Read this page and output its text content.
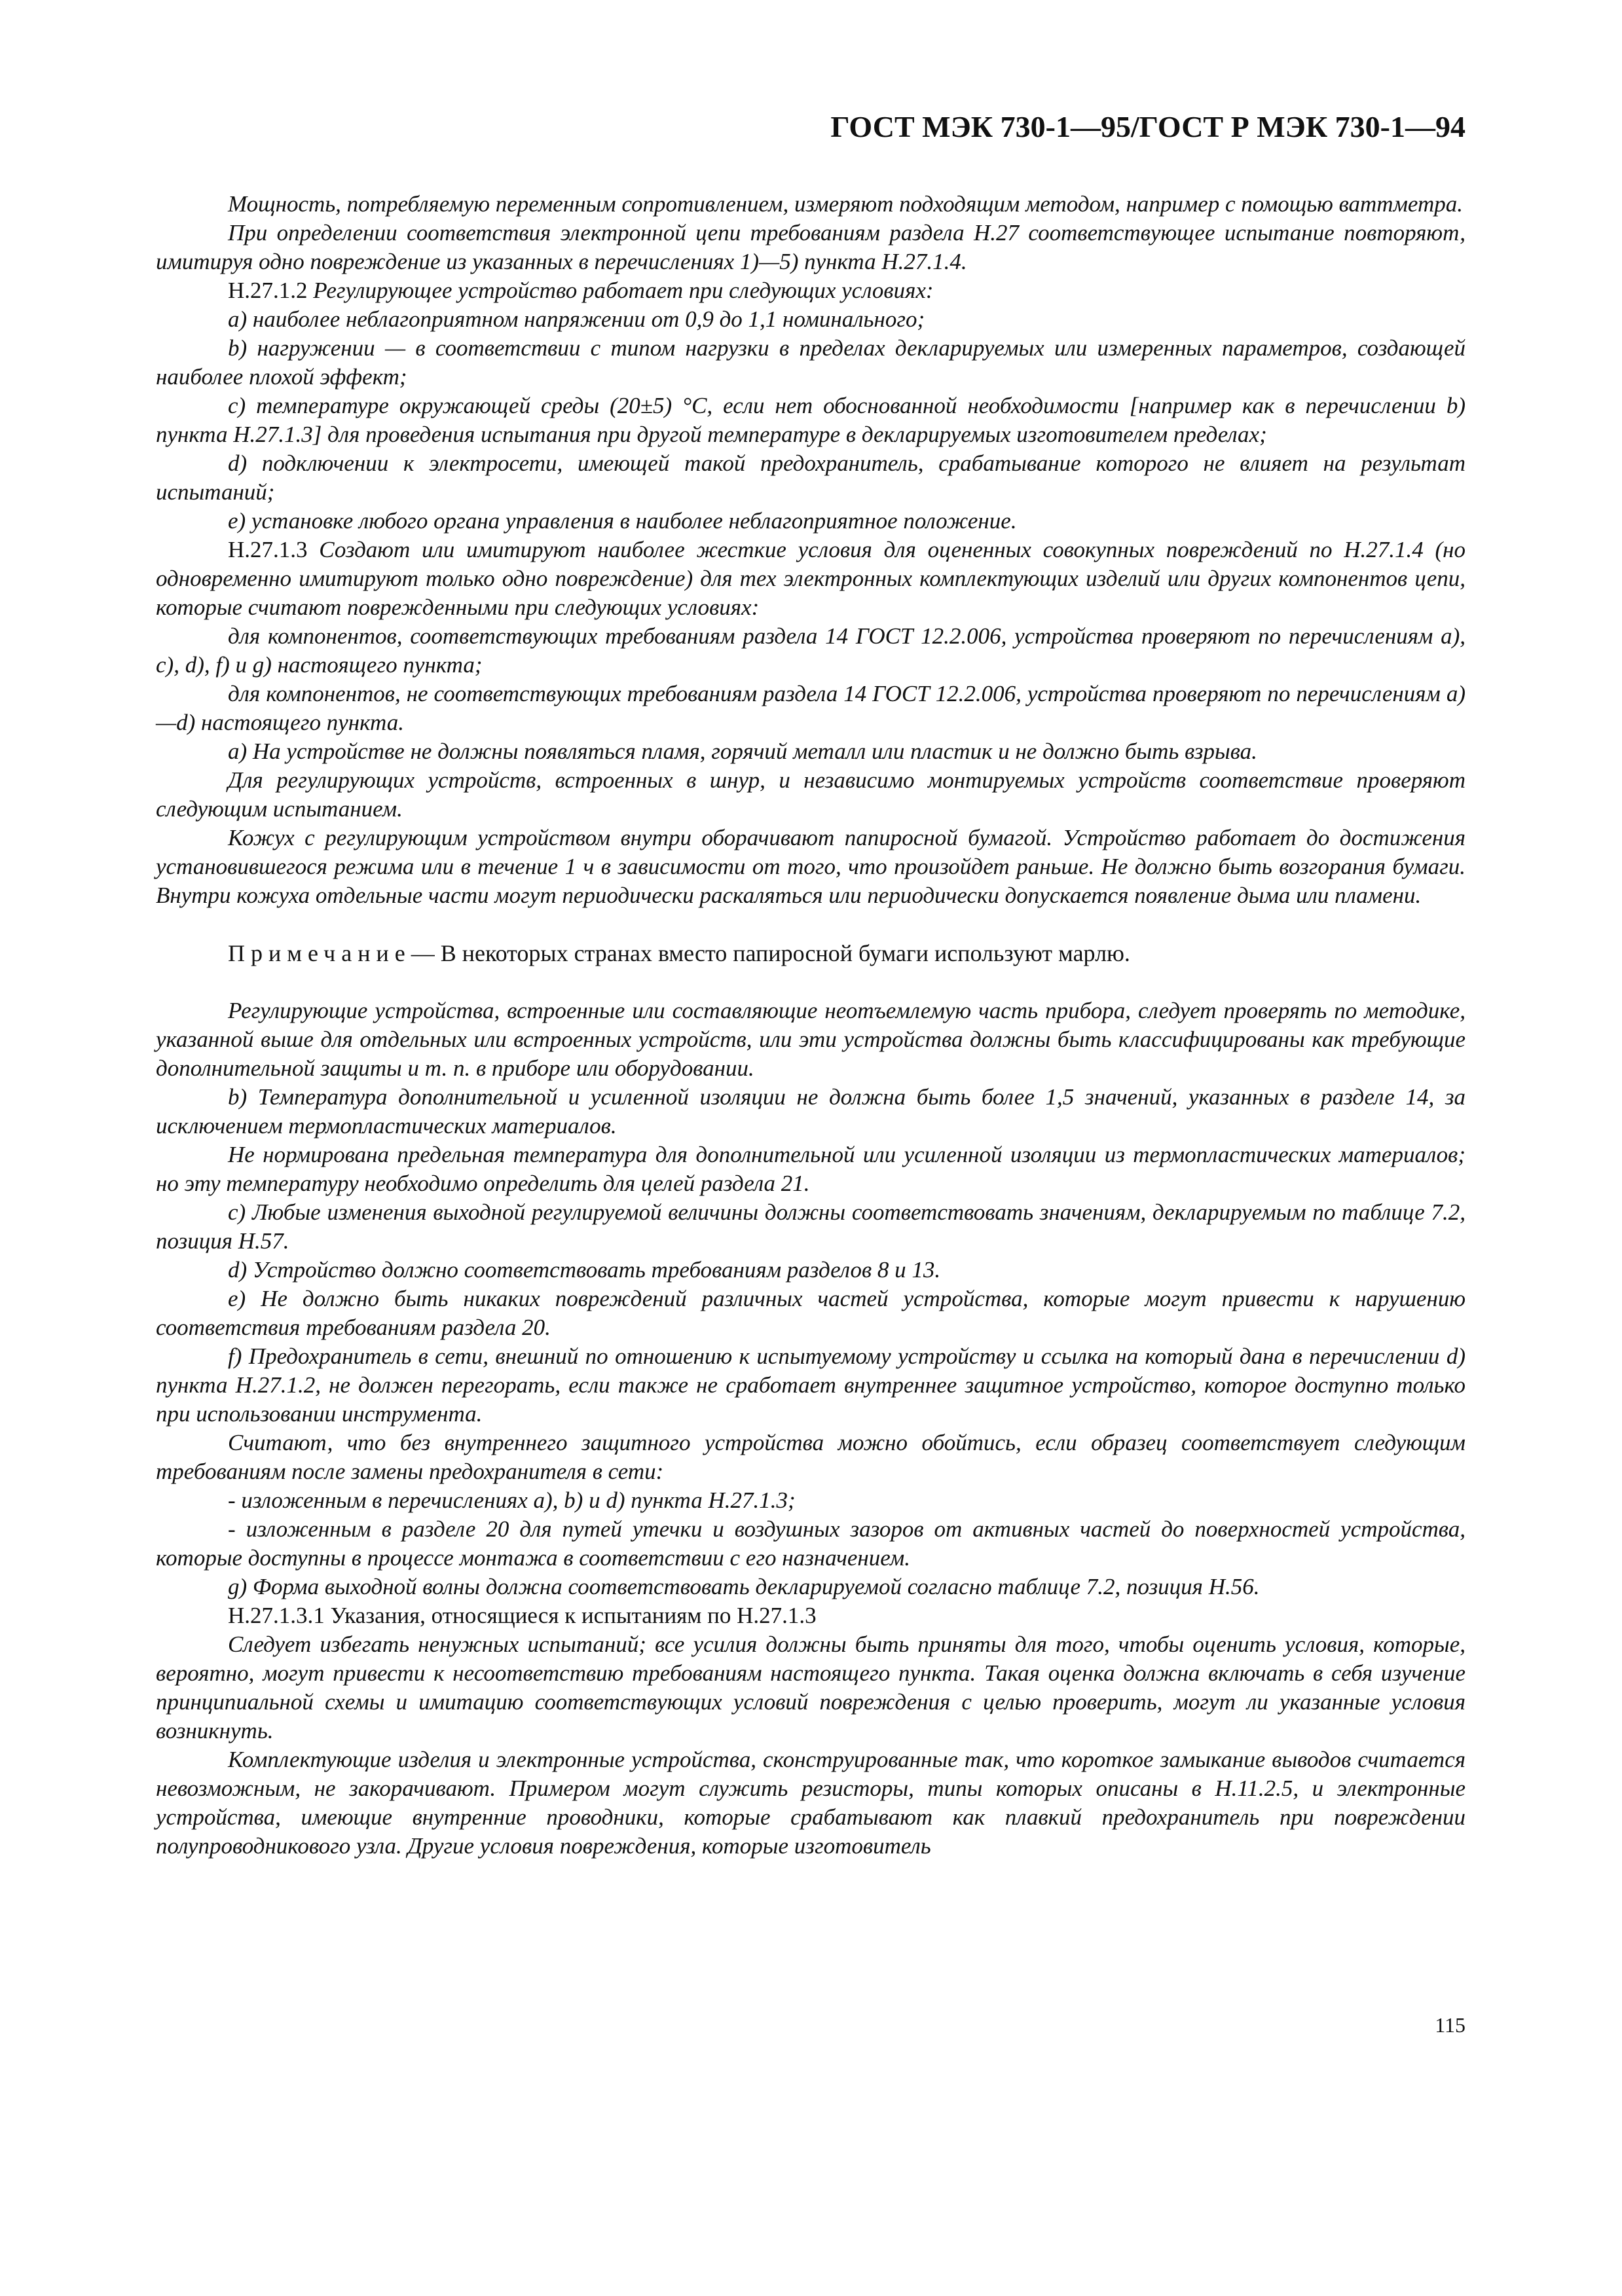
ГОСТ МЭК 730-1—95/ГОСТ Р МЭК 730-1—94

Мощность, потребляемую переменным сопротивлением, измеряют подходящим методом, например с помощью ваттметра.

При определении соответствия электронной цепи требованиям раздела Н.27 соответствующее испытание повторяют, имитируя одно повреждение из указанных в перечислениях 1)—5) пункта Н.27.1.4.

Н.27.1.2 Регулирующее устройство работает при следующих условиях:

а) наиболее неблагоприятном напряжении от 0,9 до 1,1 номинального;

b) нагружении — в соответствии с типом нагрузки в пределах декларируемых или измеренных параметров, создающей наиболее плохой эффект;

с) температуре окружающей среды (20±5) °С, если нет обоснованной необходимости [например как в перечислении b) пункта Н.27.1.3] для проведения испытания при другой температуре в декларируемых изготовителем пределах;

d) подключении к электросети, имеющей такой предохранитель, срабатывание которого не влияет на результат испытаний;

е) установке любого органа управления в наиболее неблагоприятное положение.

Н.27.1.3 Создают или имитируют наиболее жесткие условия для оцененных совокупных повреждений по Н.27.1.4 (но одновременно имитируют только одно повреждение) для тех электронных комплектующих изделий или других компонентов цепи, которые считают поврежденными при следующих условиях:

для компонентов, соответствующих требованиям раздела 14 ГОСТ 12.2.006, устройства проверяют по перечислениям а), с), d), f) и g) настоящего пункта;

для компонентов, не соответствующих требованиям раздела 14 ГОСТ 12.2.006, устройства проверяют по перечислениям а)—d) настоящего пункта.

а) На устройстве не должны появляться пламя, горячий металл или пластик и не должно быть взрыва.

Для регулирующих устройств, встроенных в шнур, и независимо монтируемых устройств соответствие проверяют следующим испытанием.

Кожух с регулирующим устройством внутри оборачивают папиросной бумагой. Устройство работает до достижения установившегося режима или в течение 1 ч в зависимости от того, что произойдет раньше. Не должно быть возгорания бумаги. Внутри кожуха отдельные части могут периодически раскаляться или периодически допускается появление дыма или пламени.

Примечание— В некоторых странах вместо папиросной бумаги используют марлю.

Регулирующие устройства, встроенные или составляющие неотъемлемую часть прибора, следует проверять по методике, указанной выше для отдельных или встроенных устройств, или эти устройства должны быть классифицированы как требующие дополнительной защиты и т. п. в приборе или оборудовании.

b) Температура дополнительной и усиленной изоляции не должна быть более 1,5 значений, указанных в разделе 14, за исключением термопластических материалов.

Не нормирована предельная температура для дополнительной или усиленной изоляции из термопластических материалов; но эту температуру необходимо определить для целей раздела 21.

с) Любые изменения выходной регулируемой величины должны соответствовать значениям, декларируемым по таблице 7.2, позиция Н.57.

d) Устройство должно соответствовать требованиям разделов 8 и 13.

е) Не должно быть никаких повреждений различных частей устройства, которые могут привести к нарушению соответствия требованиям раздела 20.

f) Предохранитель в сети, внешний по отношению к испытуемому устройству и ссылка на который дана в перечислении d) пункта Н.27.1.2, не должен перегорать, если также не сработает внутреннее защитное устройство, которое доступно только при использовании инструмента.

Считают, что без внутреннего защитного устройства можно обойтись, если образец соответствует следующим требованиям после замены предохранителя в сети:

- изложенным в перечислениях а), b) и d) пункта Н.27.1.3;

- изложенным в разделе 20 для путей утечки и воздушных зазоров от активных частей до поверхностей устройства, которые доступны в процессе монтажа в соответствии с его назначением.

g) Форма выходной волны должна соответствовать декларируемой согласно таблице 7.2, позиция Н.56.

Н.27.1.3.1 Указания, относящиеся к испытаниям по Н.27.1.3

Следует избегать ненужных испытаний; все усилия должны быть приняты для того, чтобы оценить условия, которые, вероятно, могут привести к несоответствию требованиям настоящего пункта. Такая оценка должна включать в себя изучение принципиальной схемы и имитацию соответствующих условий повреждения с целью проверить, могут ли указанные условия возникнуть.

Комплектующие изделия и электронные устройства, сконструированные так, что короткое замыкание выводов считается невозможным, не закорачивают. Примером могут служить резисторы, типы которых описаны в Н.11.2.5, и электронные устройства, имеющие внутренние проводники, которые срабатывают как плавкий предохранитель при повреждении полупроводникового узла. Другие условия повреждения, которые изготовитель

115
